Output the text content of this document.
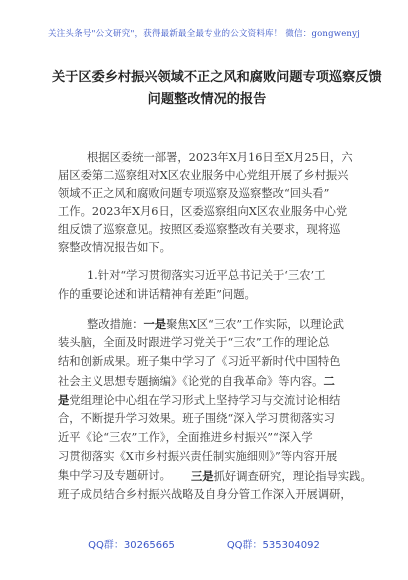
关注头条号"公文研究"，获得最新最全最专业的公文资料库！ 微信：gongwenyj
关于区委乡村振兴领域不正之风和腐败问题专项巡察反馈
问题整改情况的报告
根据区委统一部署，2023年X月16日至X月25日，六
届区委第二巡察组对X区农业服务中心党组开展了乡村振兴
领域不正之风和腐败问题专项巡察及巡察整改“回头看”
工作。2023年X月6日，区委巡察组向X区农业服务中心党
组反馈了巡察意见。按照区委巡察整改有关要求，现将巡
察整改情况报告如下。
1.针对“学习贯彻落实习近平总书记关于‘三农’工
作的重要论述和讲话精神有差距”问题。
整改措施：一是聚焦X区“三农”工作实际，以理论武
装头脑，全面及时跟进学习党关于“三农”工作的理论总
结和创新成果。班子集中学习了《习近平新时代中国特色
社会主义思想专题摘编》《论党的自我革命》等内容。二
是党组理论中心组在学习形式上坚持学习与交流讨论相结
合，不断提升学习效果。班子围绕“深入学习贯彻落实习
近平《论“三农”工作》，全面推进乡村振兴”“深入学
习贯彻落实《X市乡村振兴责任制实施细则》”等内容开展
集中学习及专题研讨。 三是抓好调查研究，理论指导实践。
班子成员结合乡村振兴战略及自身分管工作深入开展调研，
QQ群：30265665	QQ群：535304092
